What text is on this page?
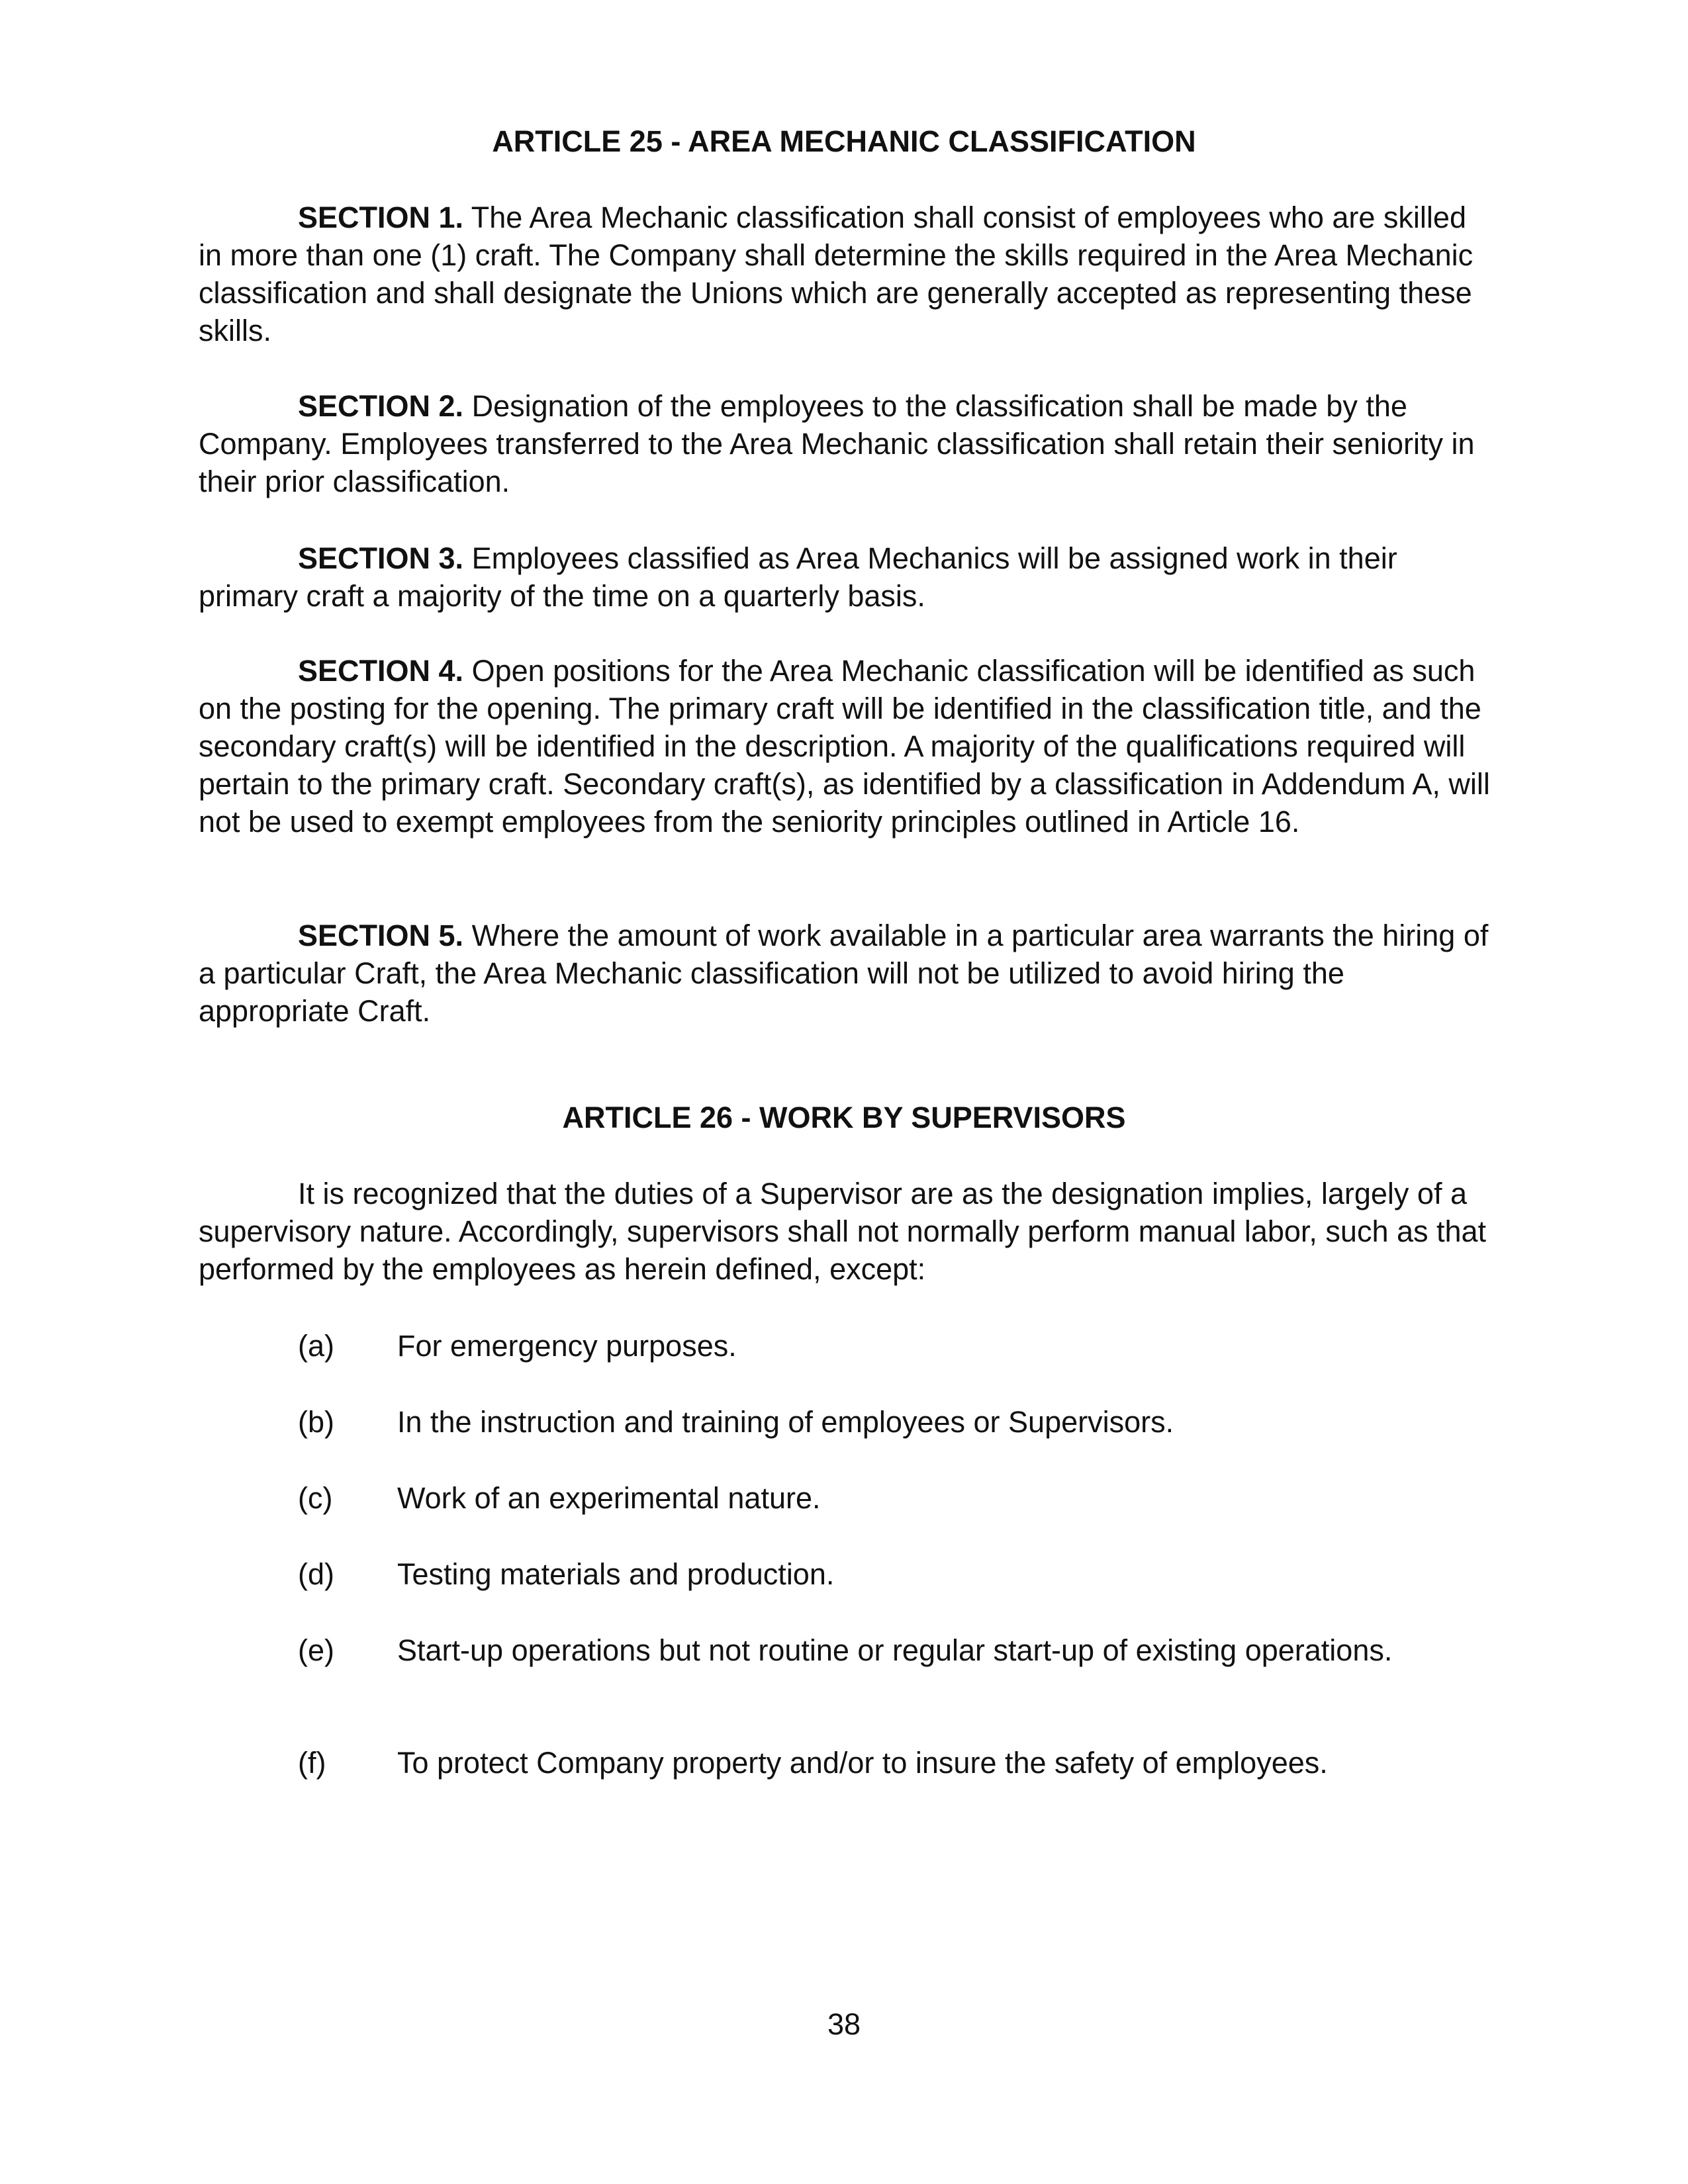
ARTICLE 25 - AREA MECHANIC CLASSIFICATION

SECTION 1. The Area Mechanic classification shall consist of employees who are skilled in more than one (1) craft. The Company shall determine the skills required in the Area Mechanic classification and shall designate the Unions which are generally accepted as representing these skills.

SECTION 2. Designation of the employees to the classification shall be made by the Company. Employees transferred to the Area Mechanic classification shall retain their seniority in their prior classification.

SECTION 3. Employees classified as Area Mechanics will be assigned work in their primary craft a majority of the time on a quarterly basis.

SECTION 4. Open positions for the Area Mechanic classification will be identified as such on the posting for the opening. The primary craft will be identified in the classification title, and the secondary craft(s) will be identified in the description. A majority of the qualifications required will pertain to the primary craft. Secondary craft(s), as identified by a classification in Addendum A, will not be used to exempt employees from the seniority principles outlined in Article 16.

SECTION 5. Where the amount of work available in a particular area warrants the hiring of a particular Craft, the Area Mechanic classification will not be utilized to avoid hiring the appropriate Craft.

ARTICLE 26 - WORK BY SUPERVISORS

It is recognized that the duties of a Supervisor are as the designation implies, largely of a supervisory nature. Accordingly, supervisors shall not normally perform manual labor, such as that performed by the employees as herein defined, except:

(a) For emergency purposes.
(b) In the instruction and training of employees or Supervisors.
(c) Work of an experimental nature.
(d) Testing materials and production.
(e) Start-up operations but not routine or regular start-up of existing operations.
(f) To protect Company property and/or to insure the safety of employees.

38
